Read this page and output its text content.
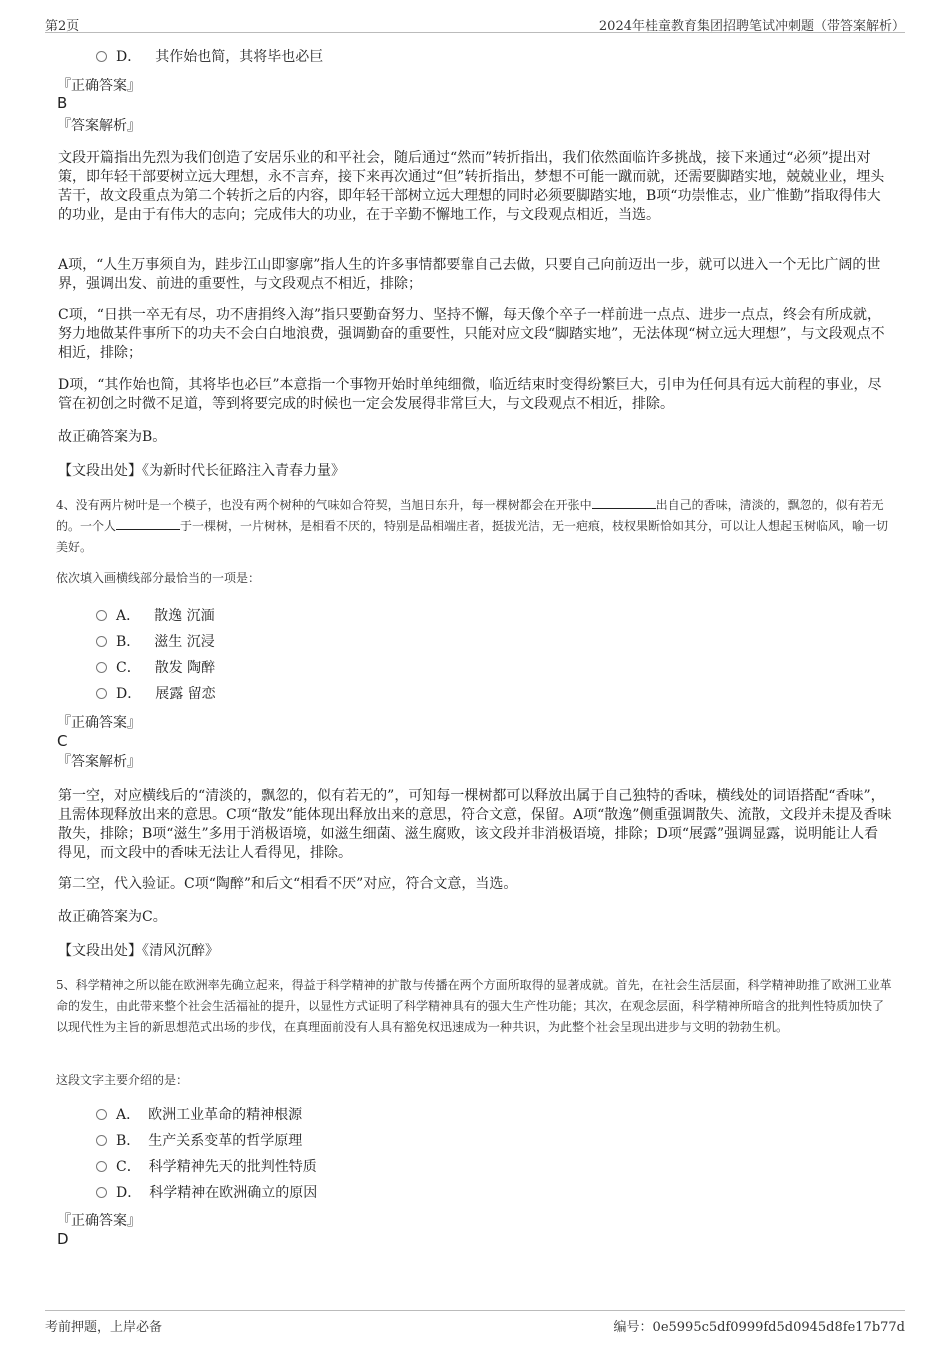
第2页	2024年桂童教育集团招聘笔试冲刺题（带答案解析）
D． 其作始也简，其将毕也必巨
『正确答案』
B
『答案解析』
文段开篇指出先烈为我们创造了安居乐业的和平社会，随后通过“然而”转折指出，我们依然面临许多挑战，接下来通过“必须”提出对策，即年轻干部要树立远大理想，永不言弃，接下来再次通过“但”转折指出，梦想不可能一蹴而就，还需要脚踏实地，兢兢业业，埋头苦干，故文段重点为第二个转折之后的内容，即年轻干部树立远大理想的同时必须要脚踏实地，B项“功崇惟志，业广惟勤”指取得伟大的功业，是由于有伟大的志向；完成伟大的功业，在于辛勤不懈地工作，与文段观点相近，当选。
A项，“人生万事须自为，跬步江山即寥廓”指人生的许多事情都要靠自己去做，只要自己向前迈出一步，就可以进入一个无比广阔的世界，强调出发、前进的重要性，与文段观点不相近，排除；
C项，“日拱一卒无有尽，功不唐捐终入海”指只要勤奋努力、坚持不懈，每天像个卒子一样前进一点点、进步一点点，终会有所成就，努力地做某件事所下的功夫不会白白地浪费，强调勤奋的重要性，只能对应文段“脚踏实地”，无法体现“树立远大理想”，与文段观点不相近，排除；
D项，“其作始也简，其将毕也必巨”本意指一个事物开始时单纯细微，临近结束时变得纷繁巨大，引申为任何具有远大前程的事业，尽管在初创之时微不足道，等到将要完成的时候也一定会发展得非常巨大，与文段观点不相近，排除。
故正确答案为B。
【文段出处】《为新时代长征路注入青春力量》
4、没有两片树叶是一个模子，也没有两个树种的气味如合符契，当旭日东升，每一棵树都会在开张中	出自己的香味，清淡的，飘忽的，似有若无的。一个人	于一棵树，一片树林，是相看不厌的，特别是品相端庄者，挺拔光洁，无一疤痕，枝杈果断恰如其分，可以让人想起玉树临风，喻一切美好。
依次填入画横线部分最恰当的一项是：
A． 散逸 沉湎
B． 滋生 沉浸
C． 散发 陶醉
D． 展露 留恋
『正确答案』
C
『答案解析』
第一空，对应横线后的“清淡的，飘忽的，似有若无的”，可知每一棵树都可以释放出属于自己独特的香味，横线处的词语搭配“香味”，且需体现释放出来的意思。C项“散发”能体现出释放出来的意思，符合文意，保留。A项“散逸”侧重强调散失、流散，文段并未提及香味散失，排除；B项“滋生”多用于消极语境，如滋生细菌、滋生腐败，该文段并非消极语境，排除；D项“展露”强调显露，说明能让人看得见，而文段中的香味无法让人看得见，排除。
第二空，代入验证。C项“陶醉”和后文“相看不厌”对应，符合文意，当选。
故正确答案为C。
【文段出处】《清风沉醉》
5、科学精神之所以能在欧洲率先确立起来，得益于科学精神的扩散与传播在两个方面所取得的显著成就。首先，在社会生活层面，科学精神助推了欧洲工业革命的发生，由此带来整个社会生活福祉的提升，以显性方式证明了科学精神具有的强大生产性功能；其次，在观念层面，科学精神所暗含的批判性特质加快了以现代性为主旨的新思想范式出场的步伐，在真理面前没有人具有豁免权迅速成为一种共识，为此整个社会呈现出进步与文明的勃勃生机。
这段文字主要介绍的是：
A． 欧洲工业革命的精神根源
B． 生产关系变革的哲学原理
C． 科学精神先天的批判性特质
D． 科学精神在欧洲确立的原因
『正确答案』
D
考前押题，上岸必备	编号：0e5995c5df0999fd5d0945d8fe17b77d
